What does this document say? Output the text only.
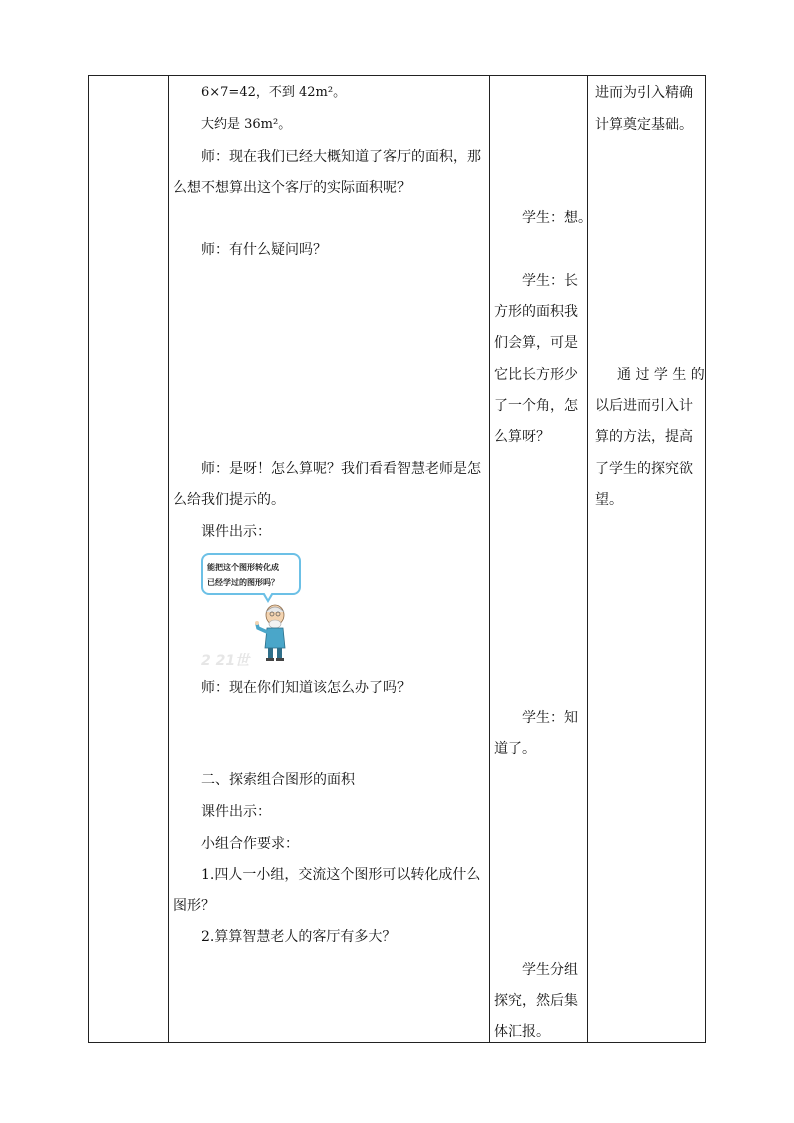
6×7=42，不到 42m²。
大约是 36m²。
师：现在我们已经大概知道了客厅的面积，那
么想不想算出这个客厅的实际面积呢？
师：有什么疑问吗？
师：是呀！怎么算呢？我们看看智慧老师是怎
么给我们提示的。
课件出示：
能把这个图形转化成
已经学过的图形吗？
2 21世
师：现在你们知道该怎么办了吗？
二、探索组合图形的面积
课件出示：
小组合作要求：
1.四人一小组，交流这个图形可以转化成什么
图形？
2.算算智慧老人的客厅有多大？
学生：想。
学生：长
方形的面积我
们会算，可是
它比长方形少
了一个角，怎
么算呀？
学生：知
道了。
学生分组
探究，然后集
体汇报。
进而为引入精确
计算奠定基础。
通 过 学 生 的
以后进而引入计
算的方法，提高
了学生的探究欲
望。
